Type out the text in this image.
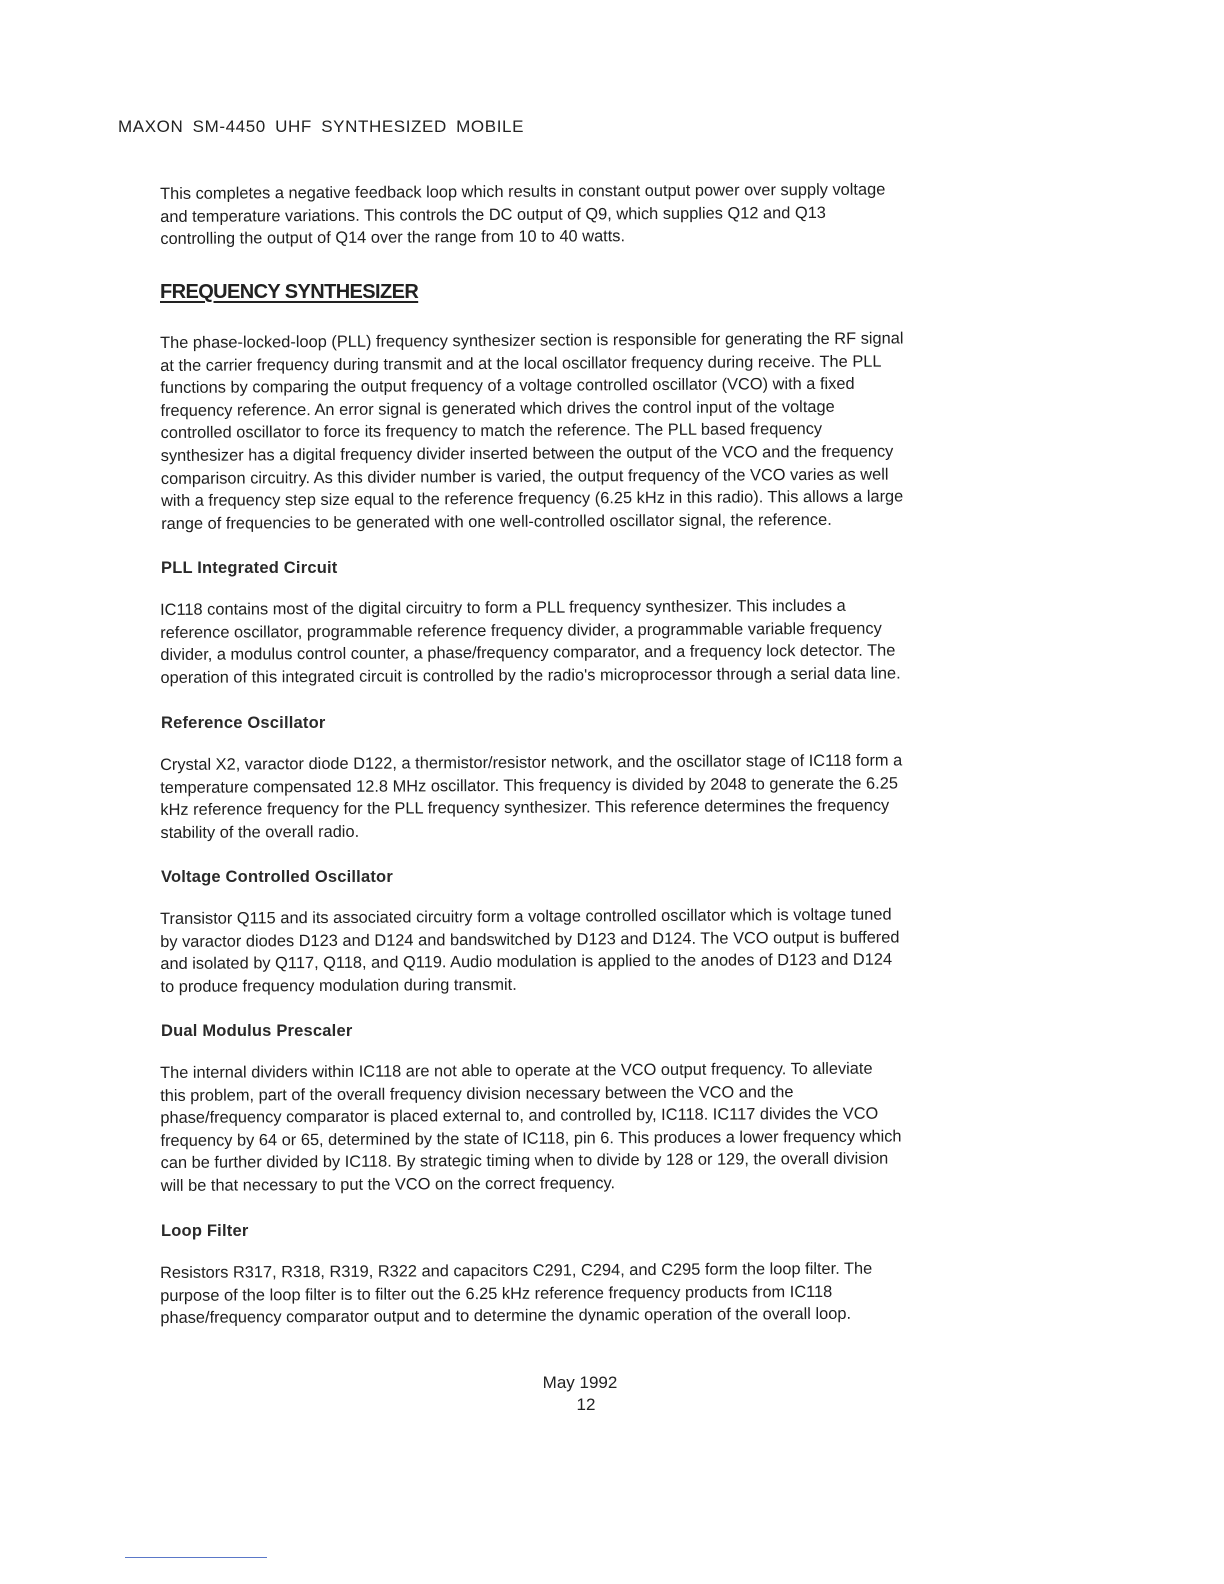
MAXON SM-4450 UHF SYNTHESIZED MOBILE

This completes a negative feedback loop which results in constant output power over supply voltage
and temperature variations. This controls the DC output of Q9, which supplies Q12 and Q13
controlling the output of Q14 over the range from 10 to 40 watts.

FREQUENCY SYNTHESIZER

The phase-locked-loop (PLL) frequency synthesizer section is responsible for generating the RF signal
at the carrier frequency during transmit and at the local oscillator frequency during receive. The PLL
functions by comparing the output frequency of a voltage controlled oscillator (VCO) with a fixed
frequency reference. An error signal is generated which drives the control input of the voltage
controlled oscillator to force its frequency to match the reference. The PLL based frequency
synthesizer has a digital frequency divider inserted between the output of the VCO and the frequency
comparison circuitry. As this divider number is varied, the output frequency of the VCO varies as well
with a frequency step size equal to the reference frequency (6.25 kHz in this radio). This allows a large
range of frequencies to be generated with one well-controlled oscillator signal, the reference.

PLL Integrated Circuit

IC118 contains most of the digital circuitry to form a PLL frequency synthesizer. This includes a
reference oscillator, programmable reference frequency divider, a programmable variable frequency
divider, a modulus control counter, a phase/frequency comparator, and a frequency lock detector. The
operation of this integrated circuit is controlled by the radio's microprocessor through a serial data line.

Reference Oscillator

Crystal X2, varactor diode D122, a thermistor/resistor network, and the oscillator stage of IC118 form a
temperature compensated 12.8 MHz oscillator. This frequency is divided by 2048 to generate the 6.25
kHz reference frequency for the PLL frequency synthesizer. This reference determines the frequency
stability of the overall radio.

Voltage Controlled Oscillator

Transistor Q115 and its associated circuitry form a voltage controlled oscillator which is voltage tuned
by varactor diodes D123 and D124 and bandswitched by D123 and D124. The VCO output is buffered
and isolated by Q117, Q118, and Q119. Audio modulation is applied to the anodes of D123 and D124
to produce frequency modulation during transmit.

Dual Modulus Prescaler

The internal dividers within IC118 are not able to operate at the VCO output frequency. To alleviate
this problem, part of the overall frequency division necessary between the VCO and the
phase/frequency comparator is placed external to, and controlled by, IC118. IC117 divides the VCO
frequency by 64 or 65, determined by the state of IC118, pin 6. This produces a lower frequency which
can be further divided by IC118. By strategic timing when to divide by 128 or 129, the overall division
will be that necessary to put the VCO on the correct frequency.

Loop Filter

Resistors R317, R318, R319, R322 and capacitors C291, C294, and C295 form the loop filter. The
purpose of the loop filter is to filter out the 6.25 kHz reference frequency products from IC118
phase/frequency comparator output and to determine the dynamic operation of the overall loop.

May 1992
12
